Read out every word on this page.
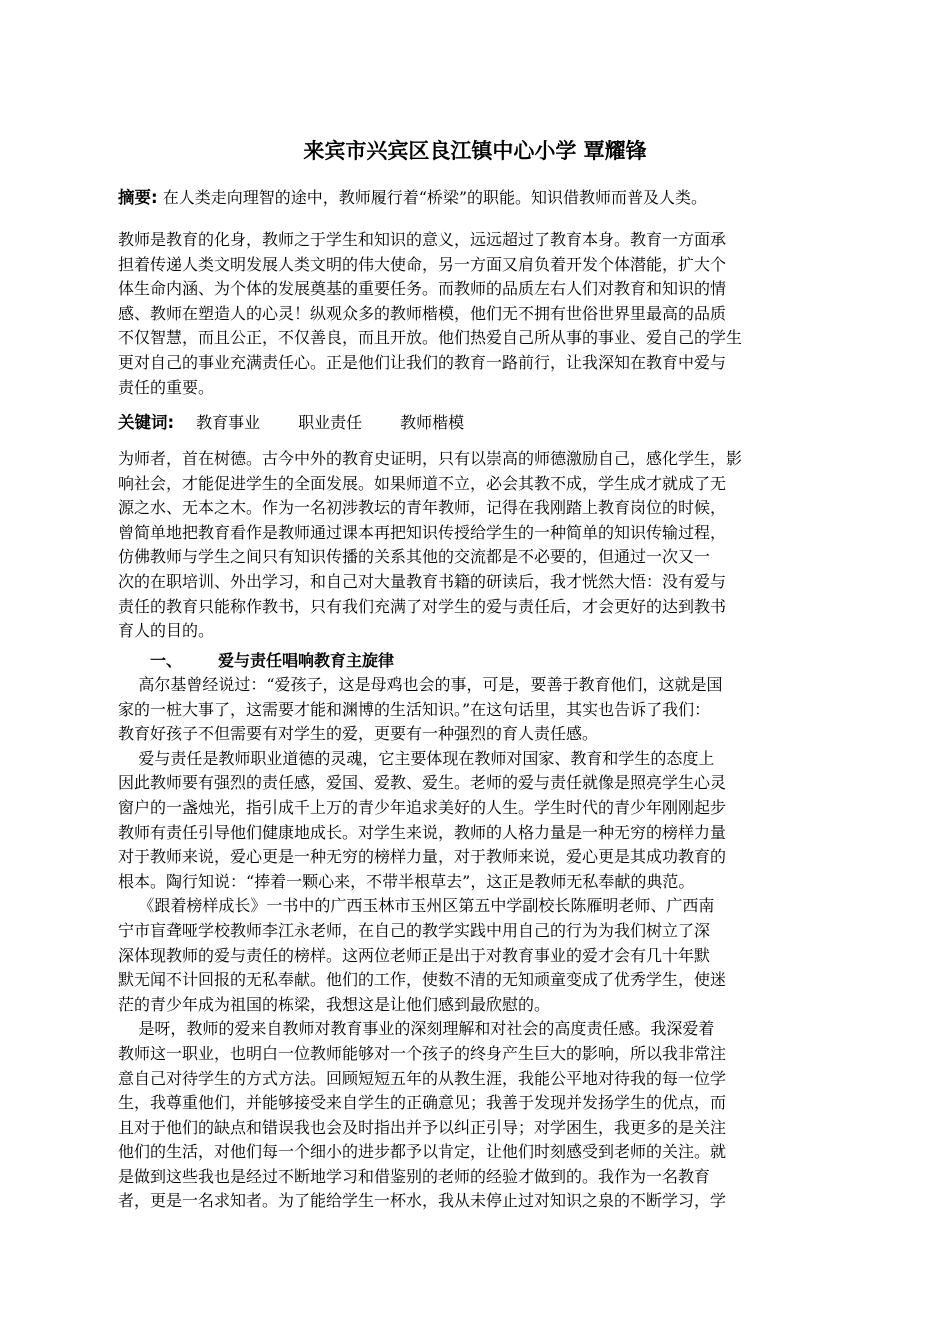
来宾市兴宾区良江镇中心小学 覃耀锋
摘要: 在人类走向理智的途中，教师履行着“桥梁”的职能。知识借教师而普及人类。
教师是教育的化身，教师之于学生和知识的意义，远远超过了教育本身。教育一方面承
担着传递人类文明发展人类文明的伟大使命，另一方面又肩负着开发个体潜能，扩大个
体生命内涵、为个体的发展奠基的重要任务。而教师的品质左右人们对教育和知识的情
感、教师在塑造人的心灵！纵观众多的教师楷模，他们无不拥有世俗世界里最高的品质
不仅智慧，而且公正，不仅善良，而且开放。他们热爱自己所从事的事业、爱自己的学生
更对自己的事业充满责任心。正是他们让我们的教育一路前行，让我深知在教育中爱与
责任的重要。
关键词: 教育事业 职业责任 教师楷模
为师者，首在树德。古今中外的教育史证明，只有以崇高的师德激励自己，感化学生，影
响社会，才能促进学生的全面发展。如果师道不立，必会其教不成，学生成才就成了无
源之水、无本之木。作为一名初涉教坛的青年教师，记得在我刚踏上教育岗位的时候，
曾简单地把教育看作是教师通过课本再把知识传授给学生的一种简单的知识传输过程，
仿佛教师与学生之间只有知识传播的关系其他的交流都是不必要的，但通过一次又一
次的在职培训、外出学习，和自己对大量教育书籍的研读后，我才恍然大悟：没有爱与
责任的教育只能称作教书，只有我们充满了对学生的爱与责任后，才会更好的达到教书
育人的目的。
一、 爱与责任唱响教育主旋律
高尔基曾经说过：“爱孩子，这是母鸡也会的事，可是，要善于教育他们，这就是国
家的一桩大事了，这需要才能和渊博的生活知识。”在这句话里，其实也告诉了我们：
教育好孩子不但需要有对学生的爱，更要有一种强烈的育人责任感。
爱与责任是教师职业道德的灵魂，它主要体现在教师对国家、教育和学生的态度上
因此教师要有强烈的责任感，爱国、爱教、爱生。老师的爱与责任就像是照亮学生心灵
窗户的一盏烛光，指引成千上万的青少年追求美好的人生。学生时代的青少年刚刚起步
教师有责任引导他们健康地成长。对学生来说，教师的人格力量是一种无穷的榜样力量
对于教师来说，爱心更是一种无穷的榜样力量，对于教师来说，爱心更是其成功教育的
根本。陶行知说：“捧着一颗心来，不带半根草去”，这正是教师无私奉献的典范。
《跟着榜样成长》一书中的广西玉林市玉州区第五中学副校长陈雁明老师、广西南
宁市盲聋哑学校教师李江永老师，在自己的教学实践中用自己的行为为我们树立了深
深体现教师的爱与责任的榜样。这两位老师正是出于对教育事业的爱才会有几十年默
默无闻不计回报的无私奉献。他们的工作，使数不清的无知顽童变成了优秀学生，使迷
茫的青少年成为祖国的栋梁，我想这是让他们感到最欣慰的。
是呀，教师的爱来自教师对教育事业的深刻理解和对社会的高度责任感。我深爱着
教师这一职业，也明白一位教师能够对一个孩子的终身产生巨大的影响，所以我非常注
意自己对待学生的方式方法。回顾短短五年的从教生涯，我能公平地对待我的每一位学
生，我尊重他们，并能够接受来自学生的正确意见；我善于发现并发扬学生的优点，而
且对于他们的缺点和错误我也会及时指出并予以纠正引导；对学困生，我更多的是关注
他们的生活，对他们每一个细小的进步都予以肯定，让他们时刻感受到老师的关注。就
是做到这些我也是经过不断地学习和借鉴别的老师的经验才做到的。我作为一名教育
者，更是一名求知者。为了能给学生一杯水，我从未停止过对知识之泉的不断学习，学
